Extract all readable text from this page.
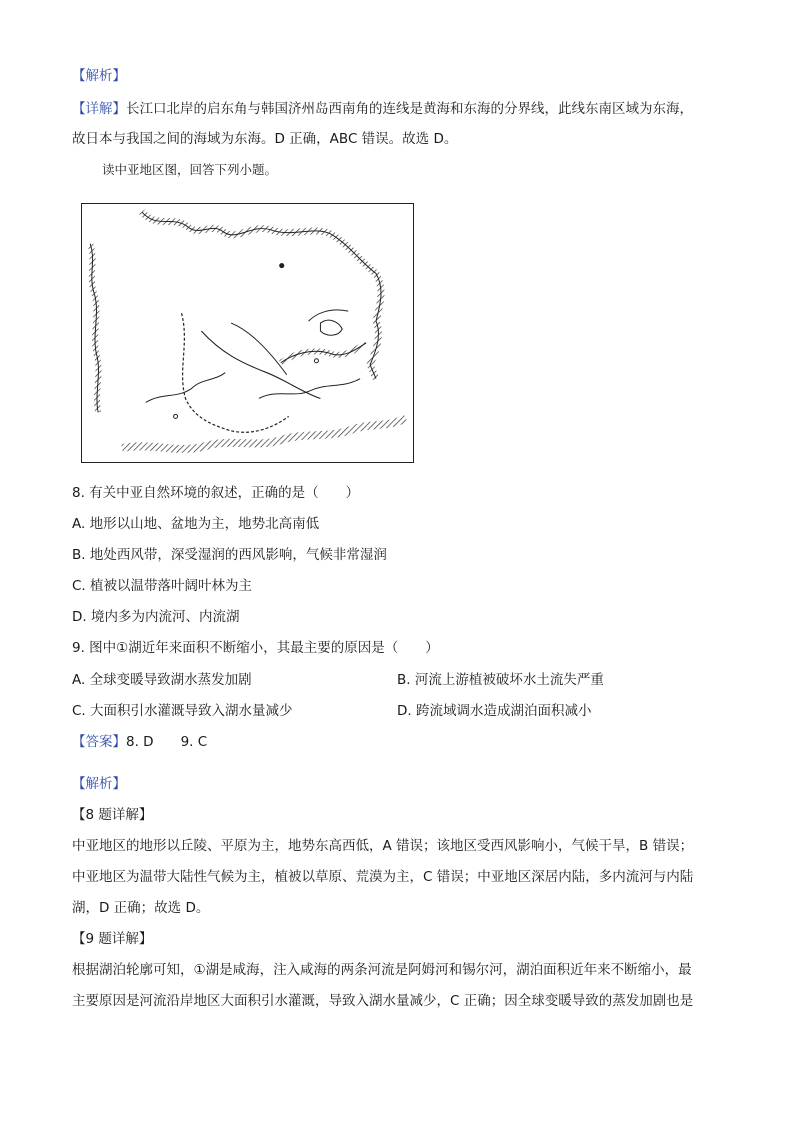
【解析】
【详解】长江口北岸的启东角与韩国济州岛西南角的连线是黄海和东海的分界线，此线东南区域为东海，
故日本与我国之间的海域为东海。D 正确，ABC 错误。故选 D。
读中亚地区图，回答下列小题。
8. 有关中亚自然环境的叙述，正确的是（　　）
A. 地形以山地、盆地为主，地势北高南低
B. 地处西风带，深受湿润的西风影响，气候非常湿润
C. 植被以温带落叶阔叶林为主
D. 境内多为内流河、内流湖
9. 图中①湖近年来面积不断缩小，其最主要的原因是（　　）
A. 全球变暖导致湖水蒸发加剧	B. 河流上游植被破坏水土流失严重
C. 大面积引水灌溉导致入湖水量减少	D. 跨流域调水造成湖泊面积减小
【答案】8. D　　9. C
【解析】
【8 题详解】
中亚地区的地形以丘陵、平原为主，地势东高西低，A 错误；该地区受西风影响小，气候干旱，B 错误；
中亚地区为温带大陆性气候为主，植被以草原、荒漠为主，C 错误；中亚地区深居内陆，多内流河与内陆
湖，D 正确；故选 D。
【9 题详解】
根据湖泊轮廓可知，①湖是咸海，注入咸海的两条河流是阿姆河和锡尔河，湖泊面积近年来不断缩小，最
主要原因是河流沿岸地区大面积引水灌溉，导致入湖水量减少，C 正确；因全球变暖导致的蒸发加剧也是
